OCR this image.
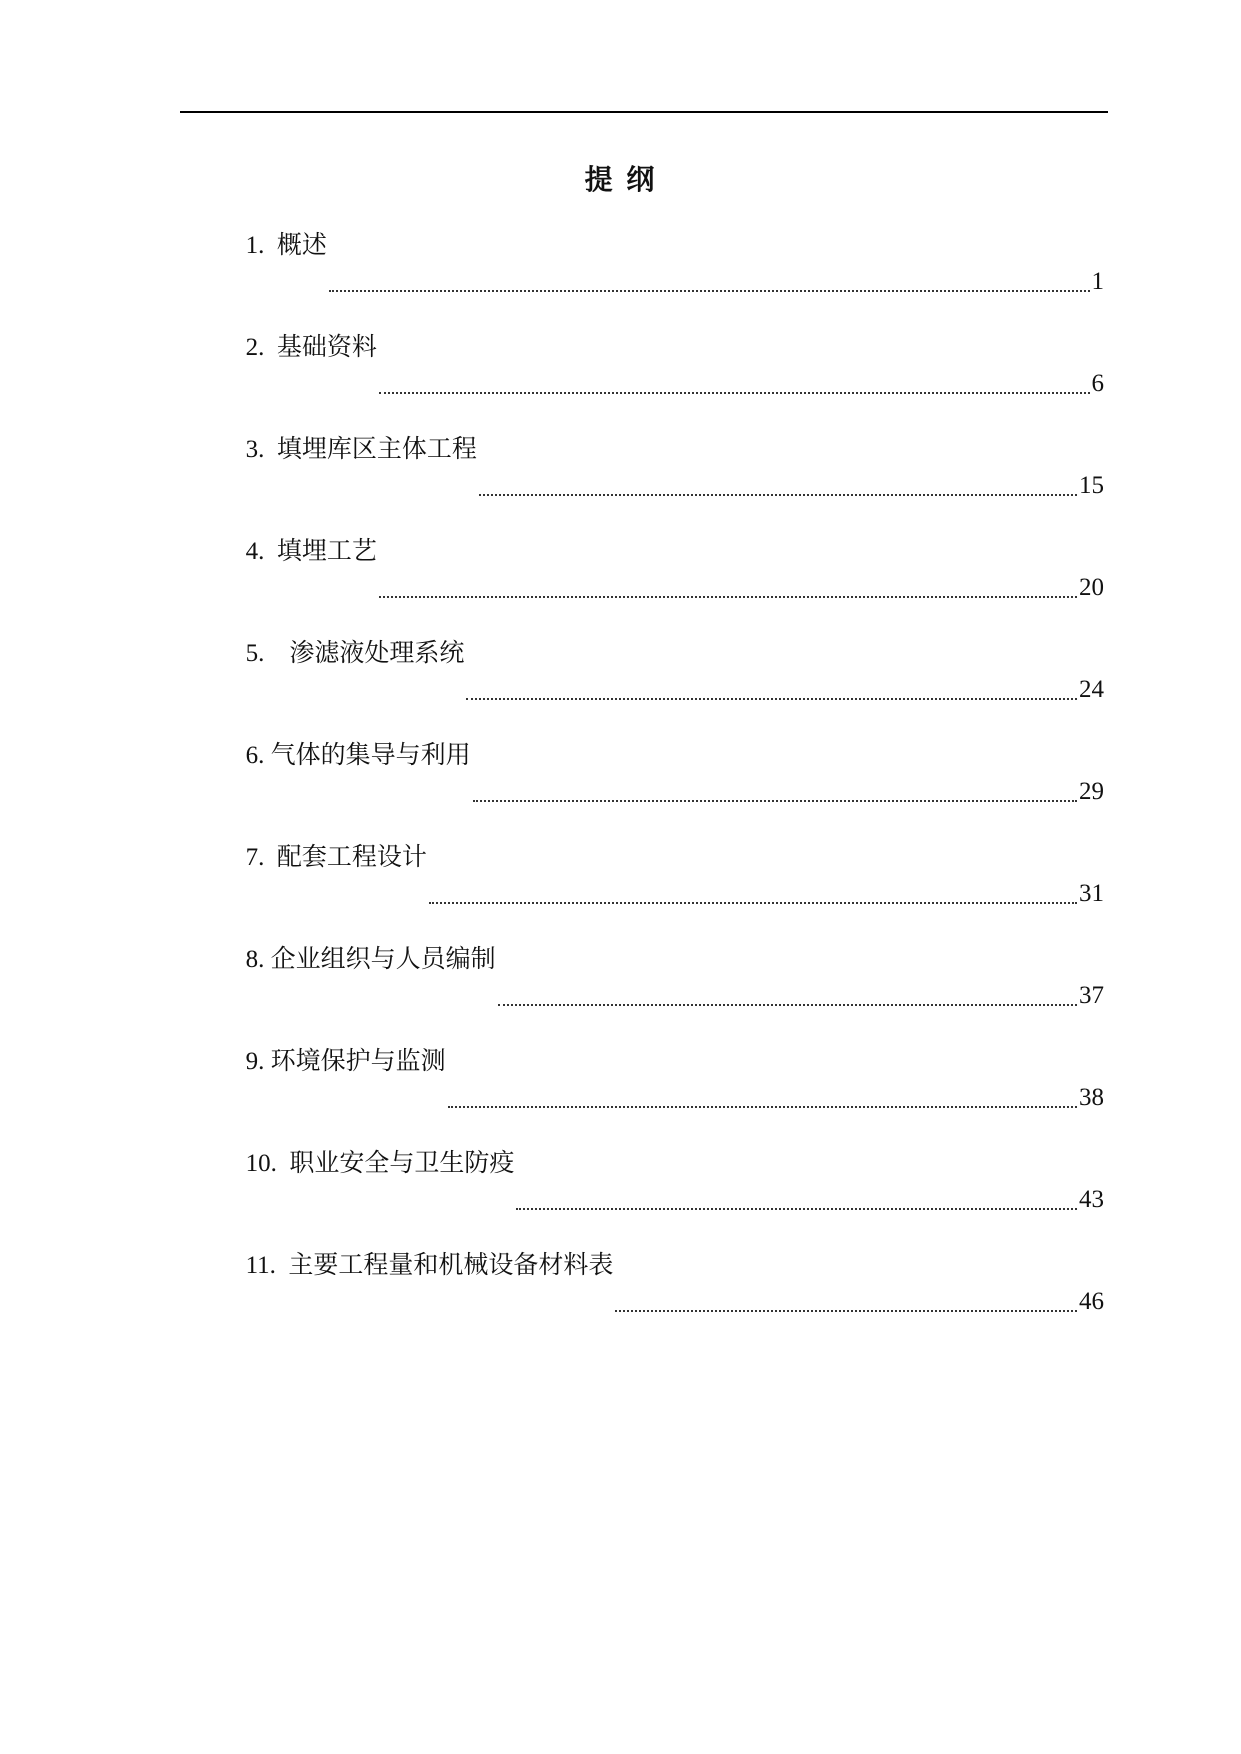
提 纲

1.  概述

1

2.  基础资料

6

3.  填埋库区主体工程

15

4.  填埋工艺

20

5.    渗滤液处理系统

24

6. 气体的集导与利用

29

7.  配套工程设计

31

8. 企业组织与人员编制

37

9. 环境保护与监测

38

10.  职业安全与卫生防疫

43

11.  主要工程量和机械设备材料表

46
